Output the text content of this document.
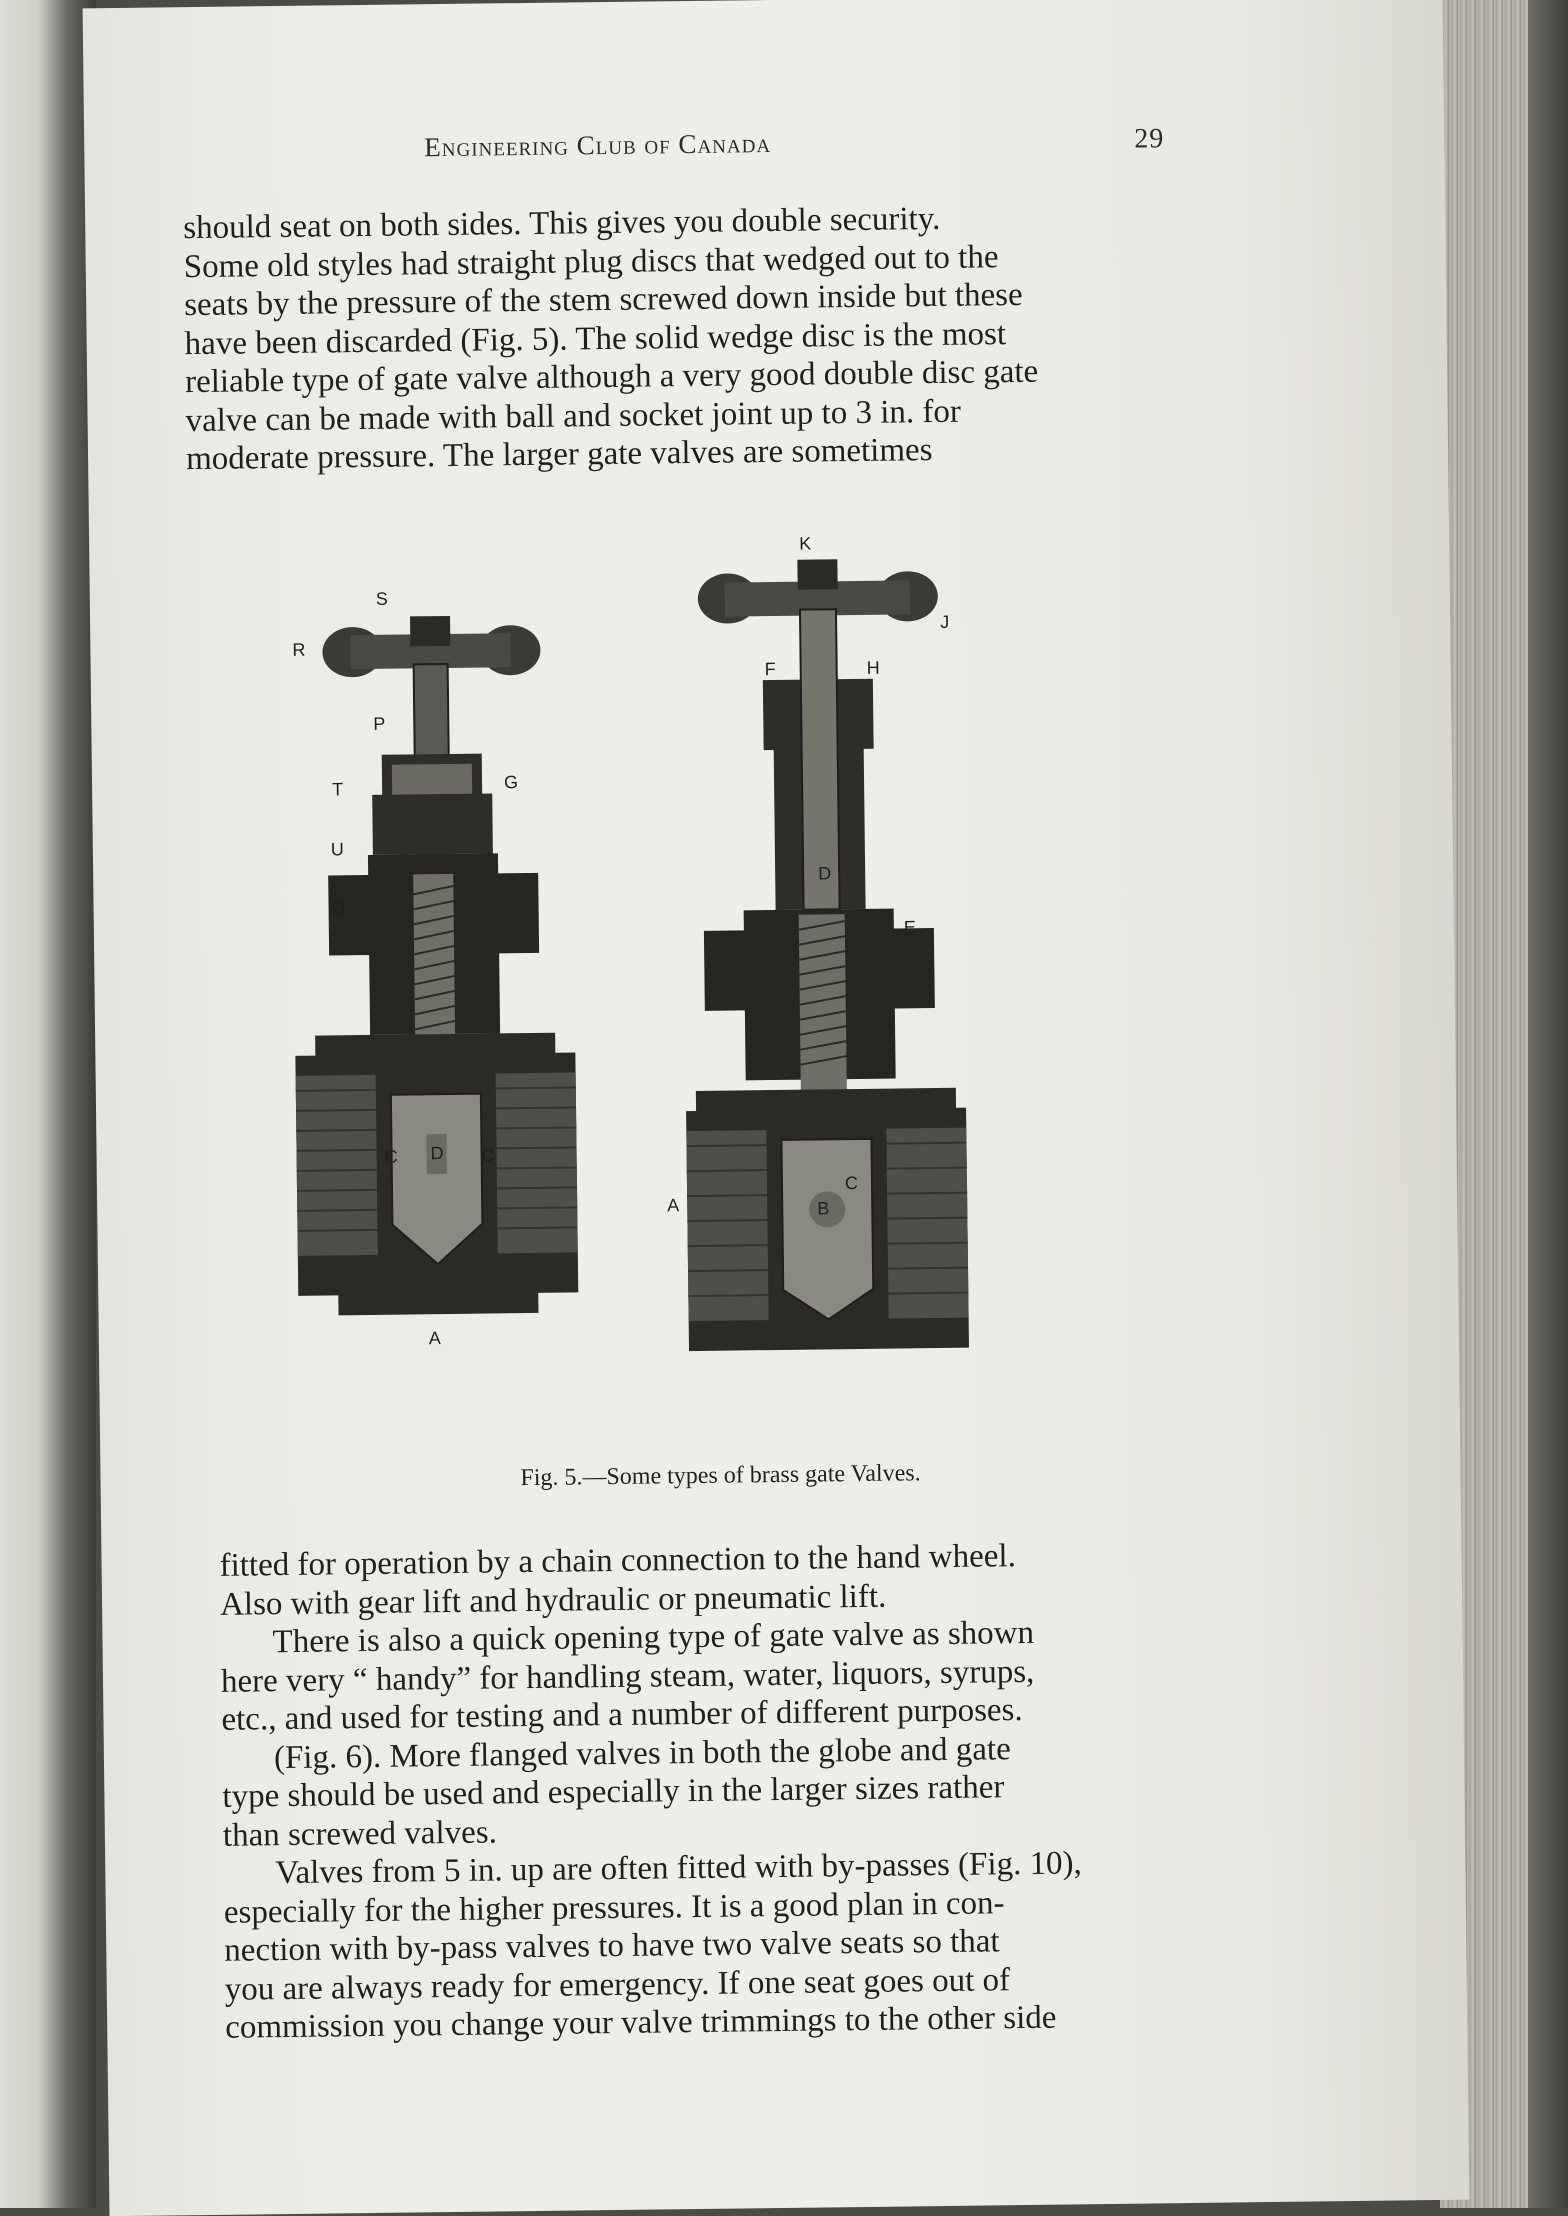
Engineering Club of Canada	29
should seat on both sides. This gives you double security.
Some old styles had straight plug discs that wedged out to the
seats by the pressure of the stem screwed down inside but these
have been discarded (Fig. 5). The solid wedge disc is the most
reliable type of gate valve although a very good double disc gate
valve can be made with ball and socket joint up to 3 in. for
moderate pressure. The larger gate valves are sometimes
S
R
P
T	G
U
O
C	C
D
A
K
J
F	H
D
E
A	B
C
Fig. 5.—Some types of brass gate Valves.
fitted for operation by a chain connection to the hand wheel.
Also with gear lift and hydraulic or pneumatic lift.
There is also a quick opening type of gate valve as shown
here very “ handy” for handling steam, water, liquors, syrups,
etc., and used for testing and a number of different purposes.
(Fig. 6). More flanged valves in both the globe and gate
type should be used and especially in the larger sizes rather
than screwed valves.
Valves from 5 in. up are often fitted with by-passes (Fig. 10),
especially for the higher pressures. It is a good plan in con-
nection with by-pass valves to have two valve seats so that
you are always ready for emergency. If one seat goes out of
commission you change your valve trimmings to the other side
